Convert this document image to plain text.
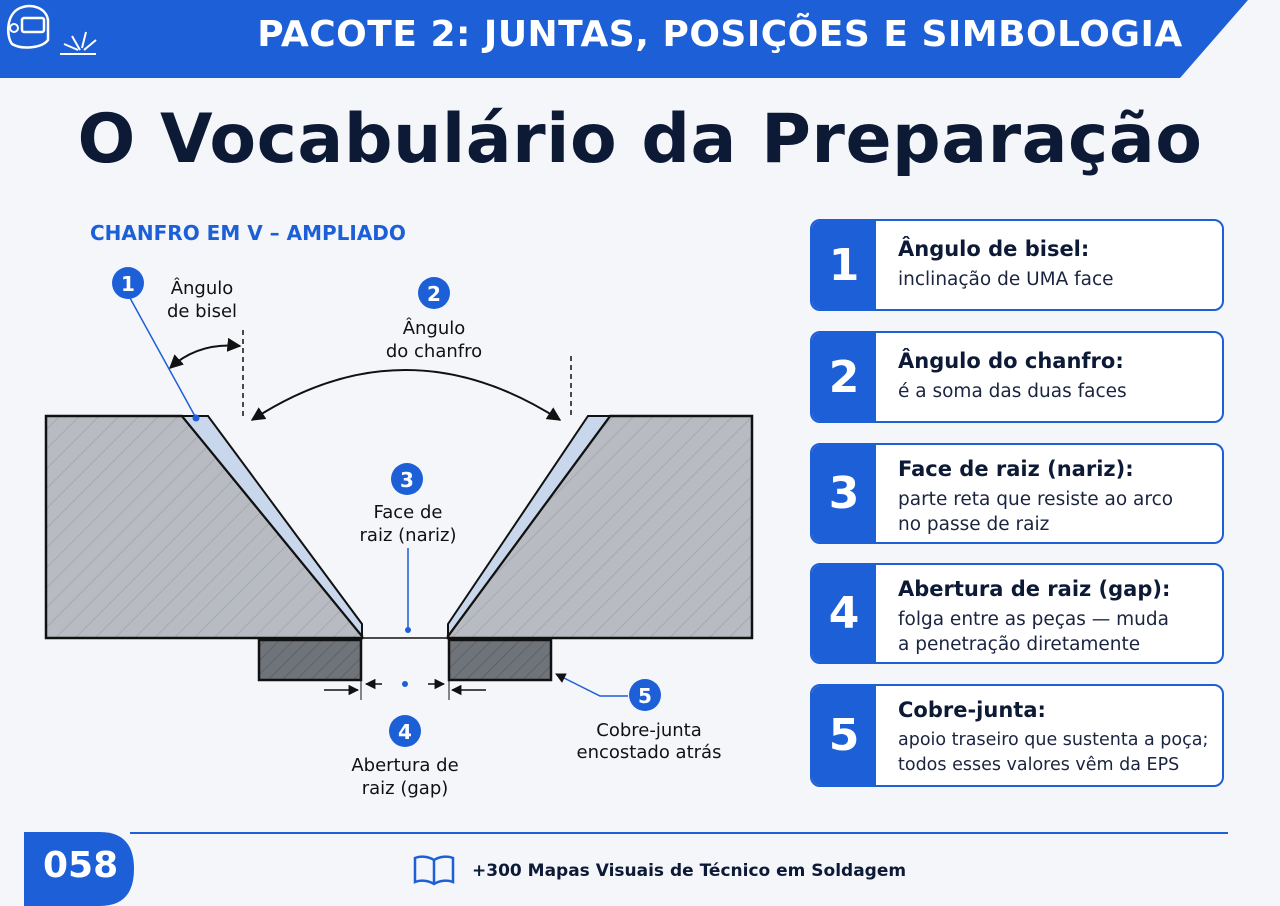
PACOTE 2: JUNTAS, POSIÇÕES E SIMBOLOGIA
O Vocabulário da Preparação
CHANFRO EM V – AMPLIADO
1 Ângulo
de bisel
2
Ângulo
do chanfro
3
Face de
raiz (nariz)
4
Abertura de
raiz (gap)
5
Cobre-junta
encostado atrás
1	Ângulo de bisel:
inclinação de UMA face
2	Ângulo do chanfro:
é a soma das duas faces
3	Face de raiz (nariz):
parte reta que resiste ao arco
no passe de raiz
4	Abertura de raiz (gap):
folga entre as peças — muda
a penetração diretamente
5	Cobre-junta:
apoio traseiro que sustenta a poça;
todos esses valores vêm da EPS
058	+300 Mapas Visuais de Técnico em Soldagem
